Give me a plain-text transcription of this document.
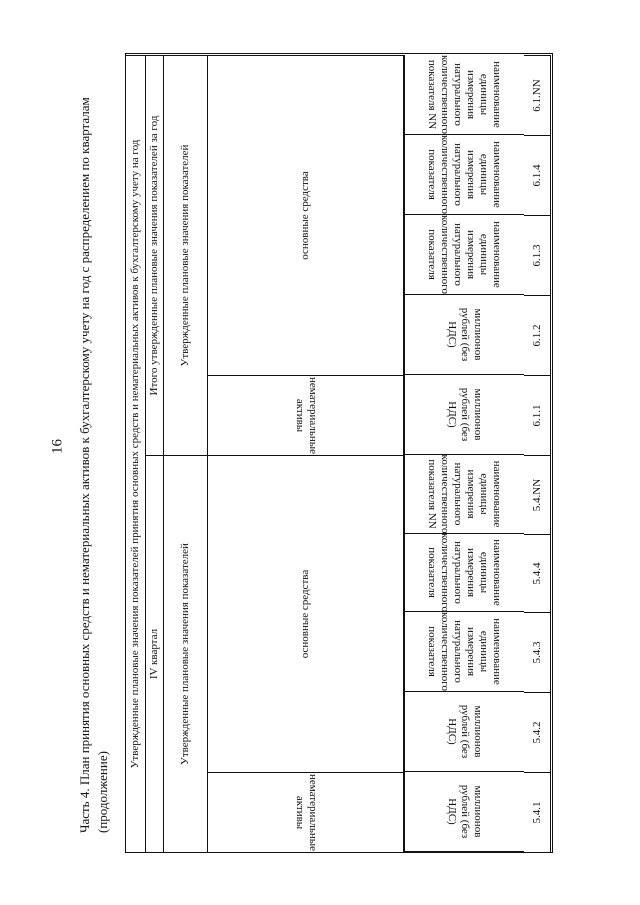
16 Часть 4. План принятия основных средств и нематериальных активов к бухгалтерскому учету на год с распределением по кварталам (продолжение)
Утвержденные плановые значения показателей принятия основных средств и нематериальных активов к бухгалтерскому учету на год IV квартал	Утвержденные плановые значения показателей
нематериальные активы
основные средства
миллионов рублей (без НДС)
миллионов рублей (без НДС)
наименование единицы измерения натурального количественного показателя
наименование единицы измерения натурального количественного показателя
наименование единицы измерения натурального количественного показателя NN
5.4.1
5.4.2
5.4.3
5.4.4
5.4.NN
Итого утвержденные плановые значения показателей за год	Утвержденные плановые значения показателей
нематериальные активы
основные средства
миллионов рублей (без НДС)
миллионов рублей (без НДС)
наименование единицы измерения натурального количественного показателя
наименование единицы измерения натурального количественного показателя
наименование единицы измерения натурального количественного показателя NN
6.1.1
6.1.2
6.1.3
6.1.4
6.1.NN
